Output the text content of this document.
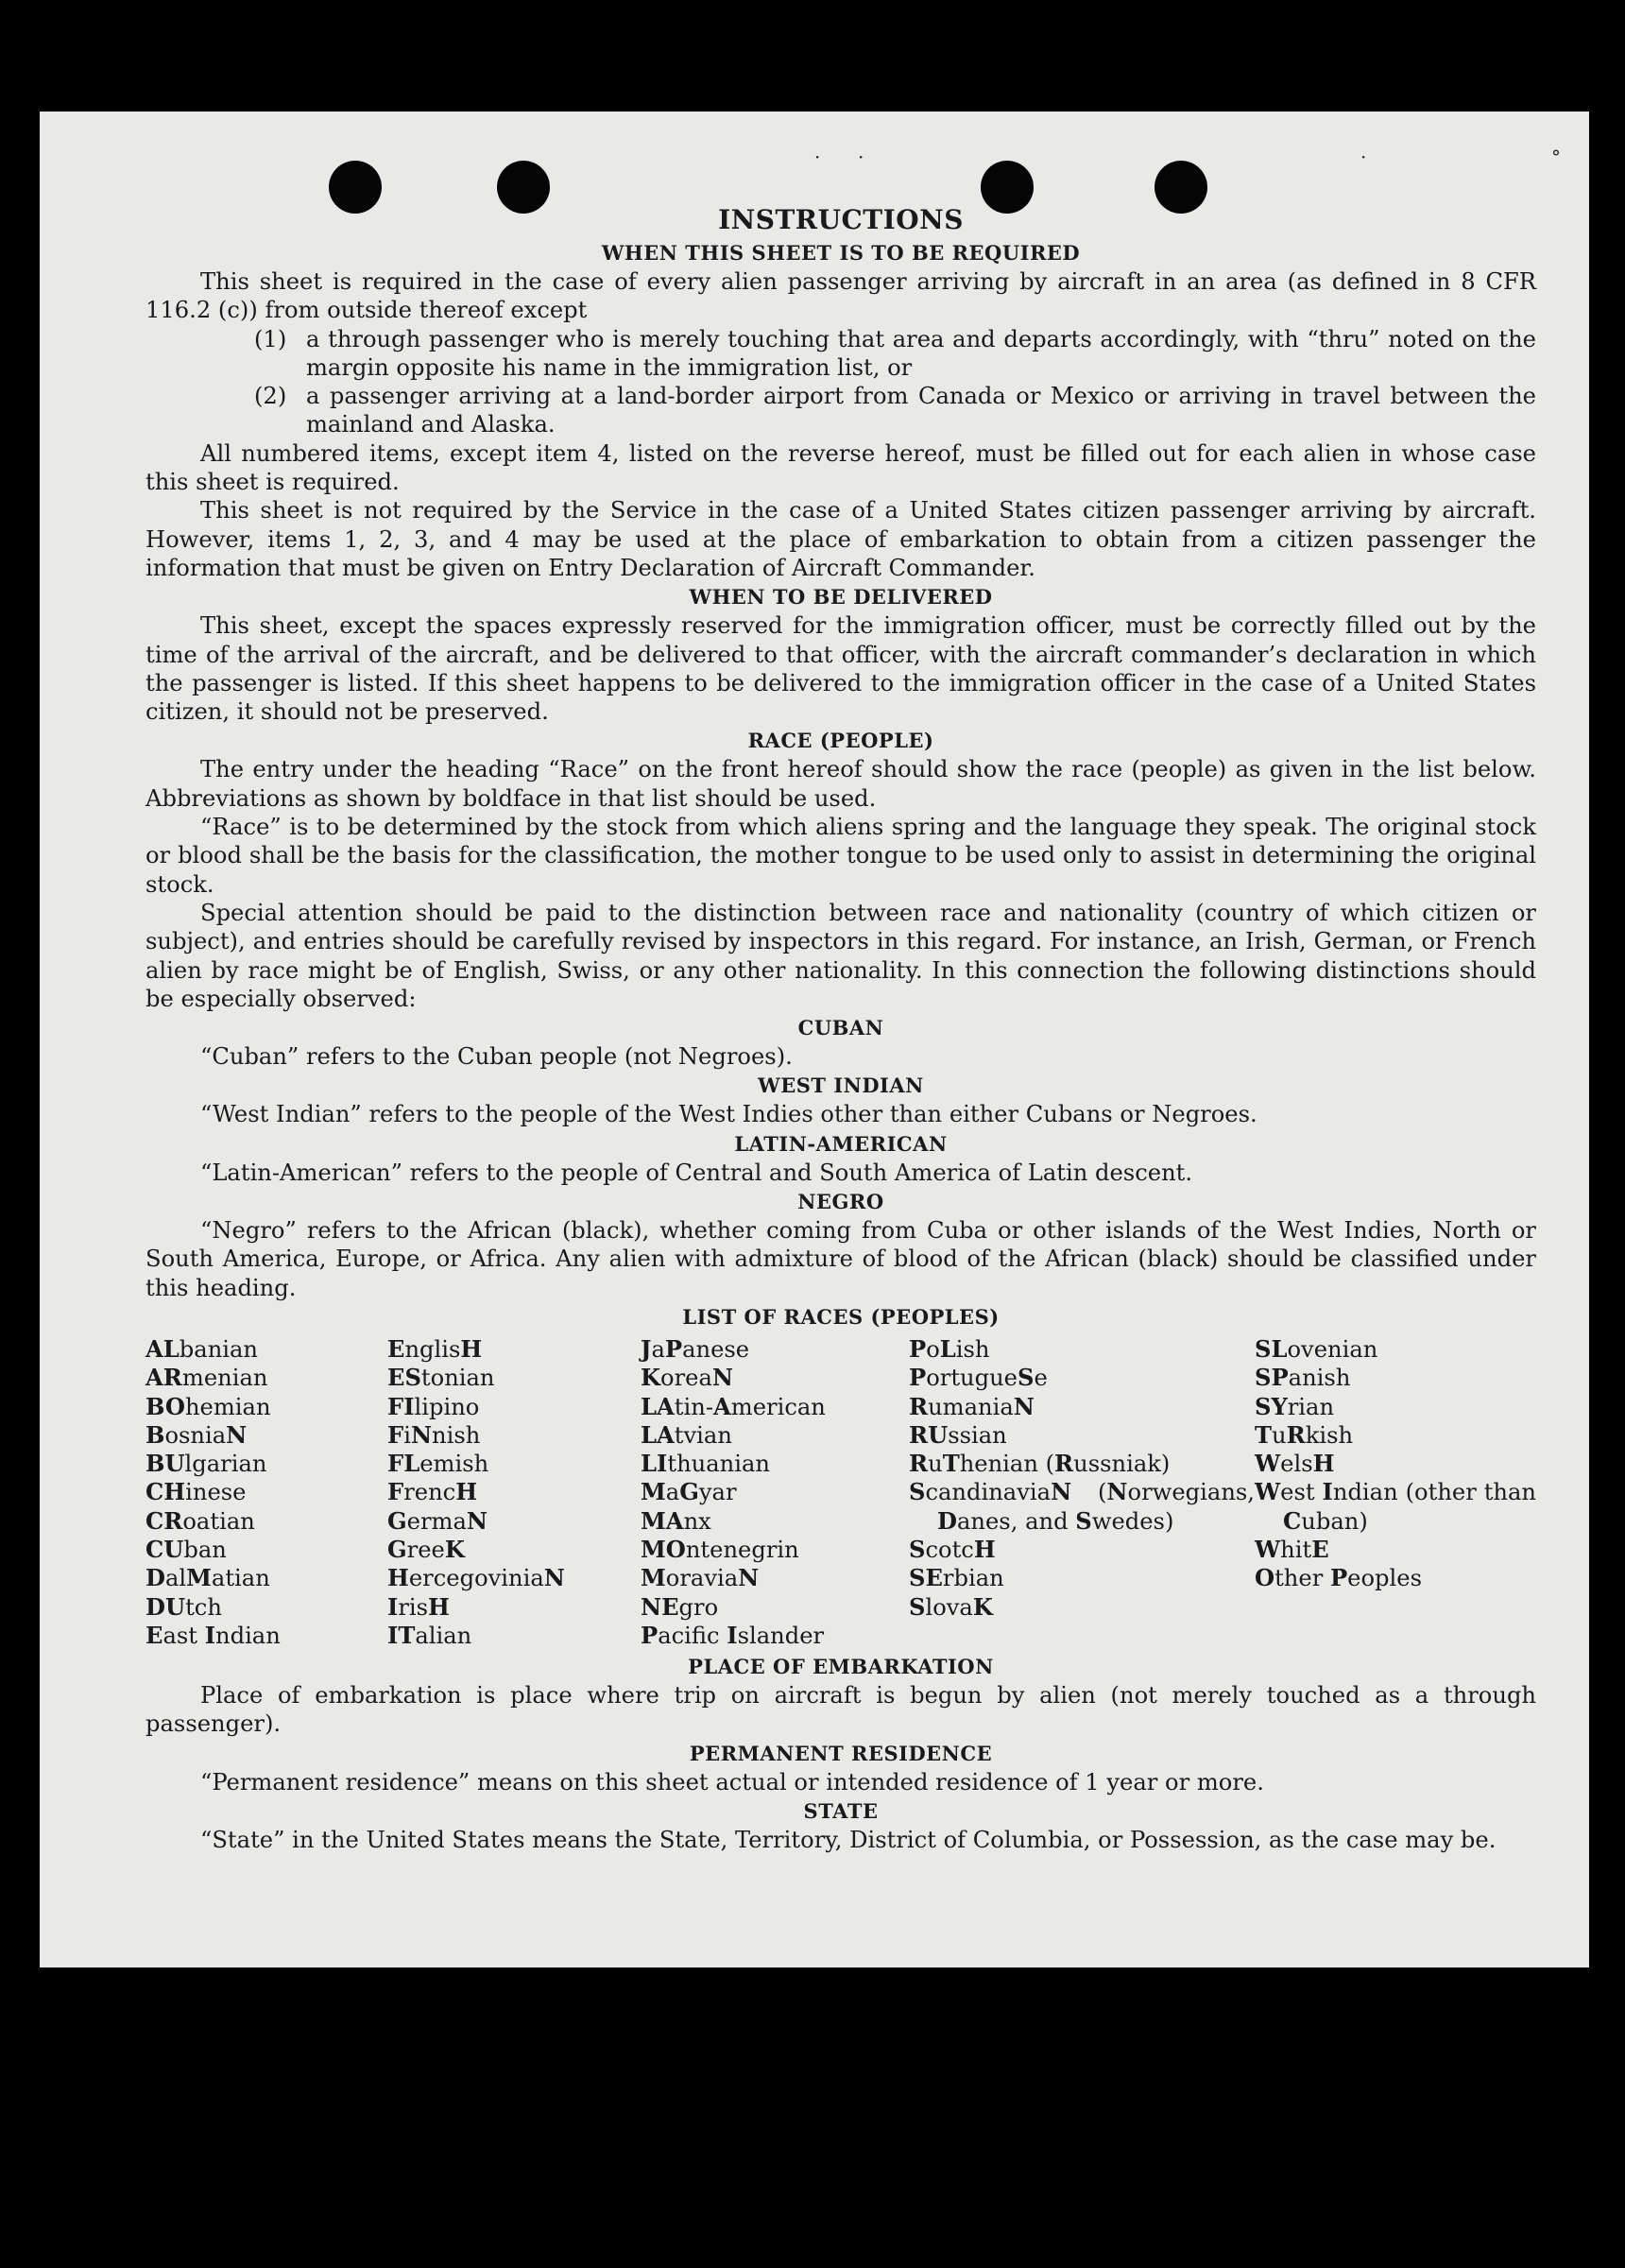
· ·	·	°
INSTRUCTIONS
WHEN THIS SHEET IS TO BE REQUIRED

This sheet is required in the case of every alien passenger arriving by aircraft in an area (as defined in 8 CFR 116.2 (c)) from outside thereof except

(1) a through passenger who is merely touching that area and departs accordingly, with “thru” noted on the margin opposite his name in the immigration list, or
(2) a passenger arriving at a land-border airport from Canada or Mexico or arriving in travel between the mainland and Alaska.

All numbered items, except item 4, listed on the reverse hereof, must be filled out for each alien in whose case this sheet is required.

This sheet is not required by the Service in the case of a United States citizen passenger arriving by aircraft. However, items 1, 2, 3, and 4 may be used at the place of embarkation to obtain from a citizen passenger the information that must be given on Entry Declaration of Aircraft Commander.

WHEN TO BE DELIVERED

This sheet, except the spaces expressly reserved for the immigration officer, must be correctly filled out by the time of the arrival of the aircraft, and be delivered to that officer, with the aircraft commander’s declaration in which the passenger is listed. If this sheet happens to be delivered to the immigration officer in the case of a United States citizen, it should not be preserved.

RACE (PEOPLE)

The entry under the heading “Race” on the front hereof should show the race (people) as given in the list below. Abbreviations as shown by boldface in that list should be used.

“Race” is to be determined by the stock from which aliens spring and the language they speak. The original stock or blood shall be the basis for the classification, the mother tongue to be used only to assist in determining the original stock.

Special attention should be paid to the distinction between race and nationality (country of which citizen or subject), and entries should be carefully revised by inspectors in this regard. For instance, an Irish, German, or French alien by race might be of English, Swiss, or any other nationality. In this connection the following distinctions should be especially observed:

CUBAN

“Cuban” refers to the Cuban people (not Negroes).

WEST INDIAN

“West Indian” refers to the people of the West Indies other than either Cubans or Negroes.

LATIN-AMERICAN

“Latin-American” refers to the people of Central and South America of Latin descent.

NEGRO

“Negro” refers to the African (black), whether coming from Cuba or other islands of the West Indies, North or South America, Europe, or Africa. Any alien with admixture of blood of the African (black) should be classified under this heading.

LIST OF RACES (PEOPLES)
ALbanian
ARmenian
BOhemian
BosniaN
BUlgarian
CHinese
CRoatian
CUban
DalMatian
DUtch
East Indian
EnglisH
EStonian
FIlipino
FiNnish
FLemish
FrencH
GermaN
GreeK
HercegoviniaN
IrisH
ITalian
JaPanese
KoreaN
LAtin-American
LAtvian
LIthuanian
MaGyar
MAnx
MOntenegrin
MoraviaN
NEgro
Pacific Islander
PoLish
PortugueSe
RumaniaN
RUssian
RuThenian (Russniak)
ScandinaviaN (Norwegians, Danes, and Swedes)
ScotcH
SErbian
SlovaK
SLovenian
SPanish
SYrian
TuRkish
WelsH
West Indian (other than Cuban)
WhitE
Other Peoples
PLACE OF EMBARKATION

Place of embarkation is place where trip on aircraft is begun by alien (not merely touched as a through passenger).

PERMANENT RESIDENCE

“Permanent residence” means on this sheet actual or intended residence of 1 year or more.

STATE

“State” in the United States means the State, Territory, District of Columbia, or Possession, as the case may be.
